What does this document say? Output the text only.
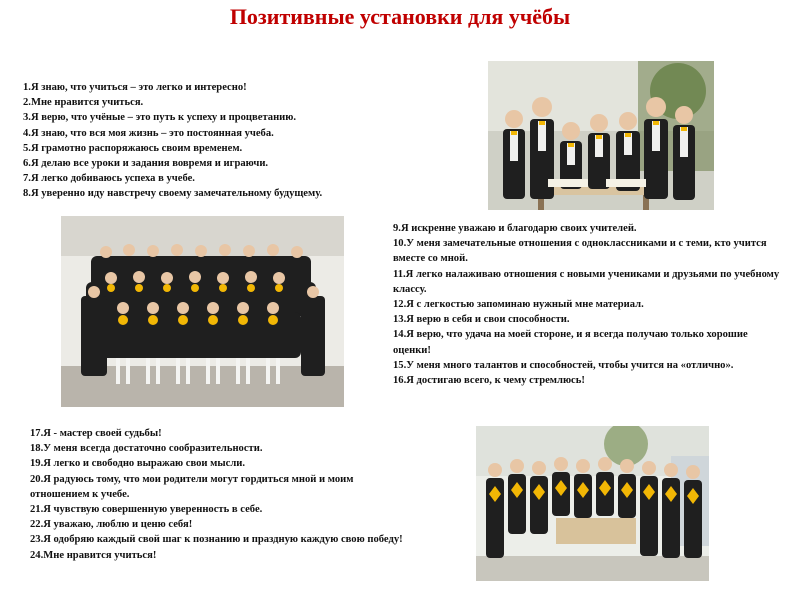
Позитивные установки для учёбы
1.Я знаю, что учиться – это легко и интересно!
2.Мне нравится учиться.
3.Я верю, что учёные – это путь к успеху и процветанию.
4.Я знаю, что вся моя жизнь – это постоянная учеба.
5.Я грамотно распоряжаюсь своим временем.
6.Я делаю все уроки и задания вовремя и играючи.
7.Я легко добиваюсь успеха в учебе.
8.Я уверенно иду навстречу своему замечательному будущему.
9.Я искренне уважаю и благодарю своих учителей.
10.У меня замечательные отношения с одноклассниками и с теми, кто учится вместе со мной.
11.Я легко налаживаю отношения с новыми учениками и друзьями по учебному классу.
12.Я с легкостью запоминаю нужный мне материал.
13.Я верю в себя и свои способности.
14.Я верю, что удача на моей стороне, и я всегда получаю только хорошие оценки!
15.У меня много талантов и способностей, чтобы учится на «отлично».
16.Я достигаю всего, к чему стремлюсь!
17.Я - мастер своей судьбы!
18.У меня всегда достаточно сообразительности.
19.Я легко и свободно выражаю свои мысли.
20.Я радуюсь тому, что мои родители могут гордиться мной и моим отношением к учебе.
21.Я чувствую совершенную уверенность в себе.
22.Я уважаю, люблю и ценю себя!
23.Я одобряю каждый свой шаг к познанию и праздную каждую свою победу!
24.Мне нравится учиться!
